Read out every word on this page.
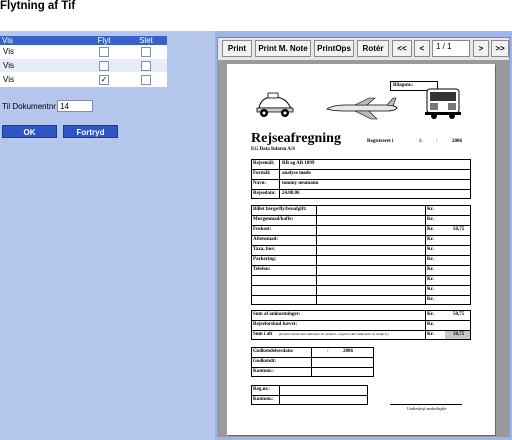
Flytning af Tif
Vis	Flyt	Slet
Vis		
Vis		
Vis	✓	
Til Dokumentnr
14
OK	Fortryd
Print	Print M. Note	PrintOps	Rotér	<<	<	1 / 1	>	>>
Bilagsnr.:
Rejseafregning	Registreret i	d.	/	2006
EG Data Inform A/S
Rejsemål: RB og AB 1899
Formål: analyse møde
Navn:	tommy neumann
Rejsedato: 24.08.06
Billet færge/fly/broafgift:	Kr.
Morgenmad/kaffe:	Kr.
Frokost:	Kr.	50,75
Aftensmad:	Kr.
Taxa, bus:	Kr.
Parkering:	Kr.
Telefon:	Kr.
Kr.
Kr.
Kr.
Sum af omkostninger:	Kr.	50,75
Rejseforskud hævet:	Kr.
Sum i alt (Positivt beløb skal udbetales til medarb., negativt skal indbetales af medarb.)	Kr.	50,75
Godkendelsesdato:	/	2006
Godkendt:
Kontonr.:
Reg.nr.:
Kontonr.:
Underskrift medarbejder
